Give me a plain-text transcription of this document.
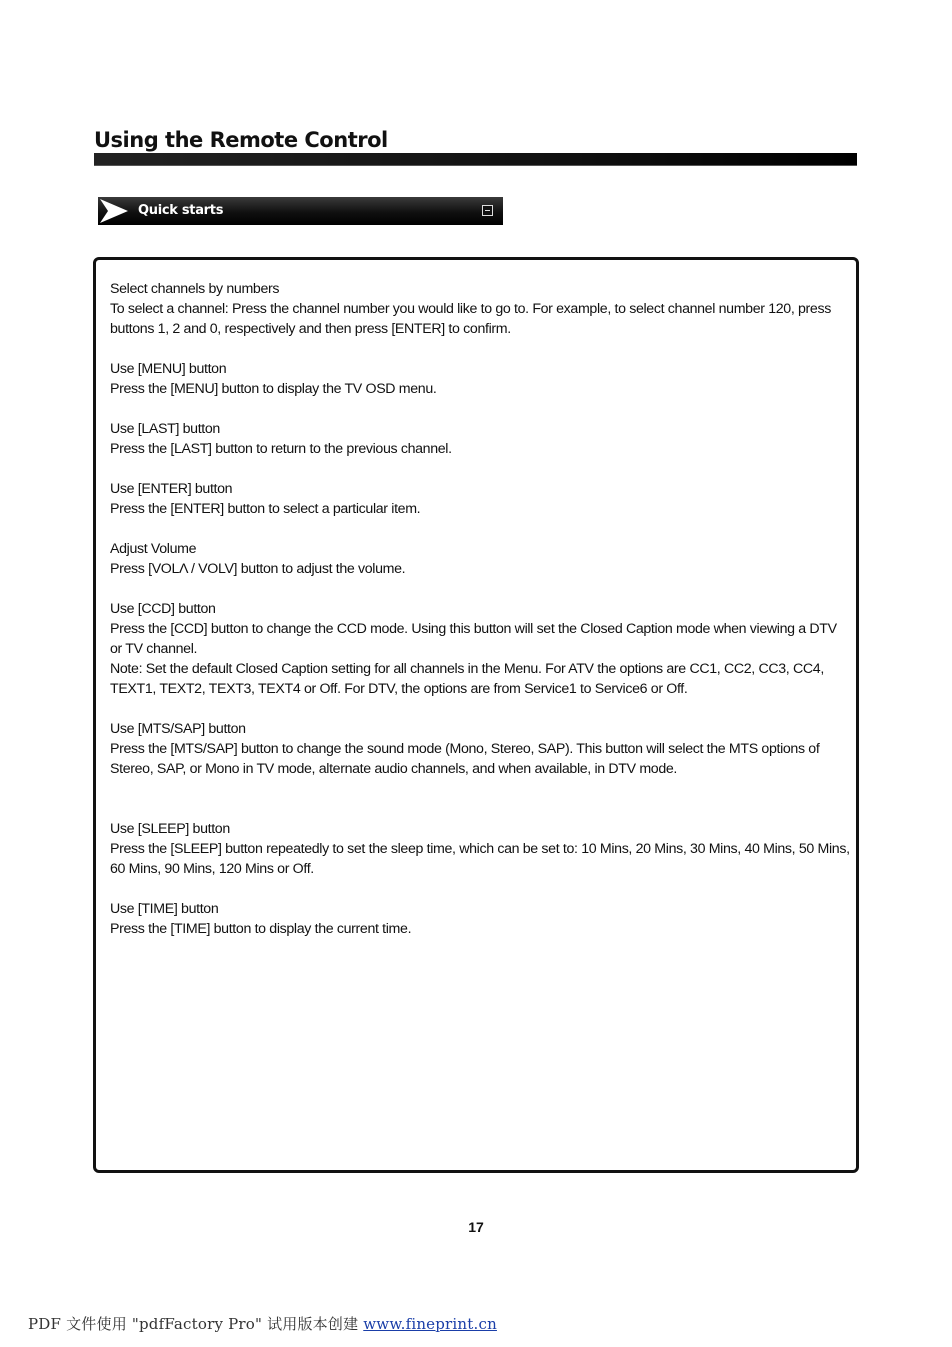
Using the Remote Control
Quick starts

Select channels by numbers

To select a channel: Press the channel number you would like to go to. For example, to select channel number 120, press buttons 1, 2 and 0, respectively and then press [ENTER] to confirm.

Use [MENU] button

Press the [MENU] button to display the TV OSD menu.

Use [LAST] button

Press the [LAST] button to return to the previous channel.

Use [ENTER] button

Press the [ENTER] button to select a particular item.

Adjust Volume

Press [VOLΛ / VOLV] button to adjust the volume.

Use [CCD] button

Press the [CCD] button to change the CCD mode. Using this button will set the Closed Caption mode when viewing a DTV or TV channel.

Note: Set the default Closed Caption setting for all channels in the Menu. For ATV the options are CC1, CC2, CC3, CC4, TEXT1, TEXT2, TEXT3, TEXT4 or Off. For DTV, the options are from Service1 to Service6 or Off.

Use [MTS/SAP] button

Press the [MTS/SAP] button to change the sound mode (Mono, Stereo, SAP). This button will select the MTS options of Stereo, SAP, or Mono in TV mode, alternate audio channels, and when available, in DTV mode.

Use [SLEEP] button

Press the [SLEEP] button repeatedly to set the sleep time, which can be set to: 10 Mins, 20 Mins, 30 Mins, 40 Mins, 50 Mins, 60 Mins, 90 Mins, 120 Mins or Off.

Use [TIME] button

Press the [TIME] button to display the current time.

17
PDF 文件使用 "pdfFactory Pro" 试用版本创建 www.fineprint.cn
